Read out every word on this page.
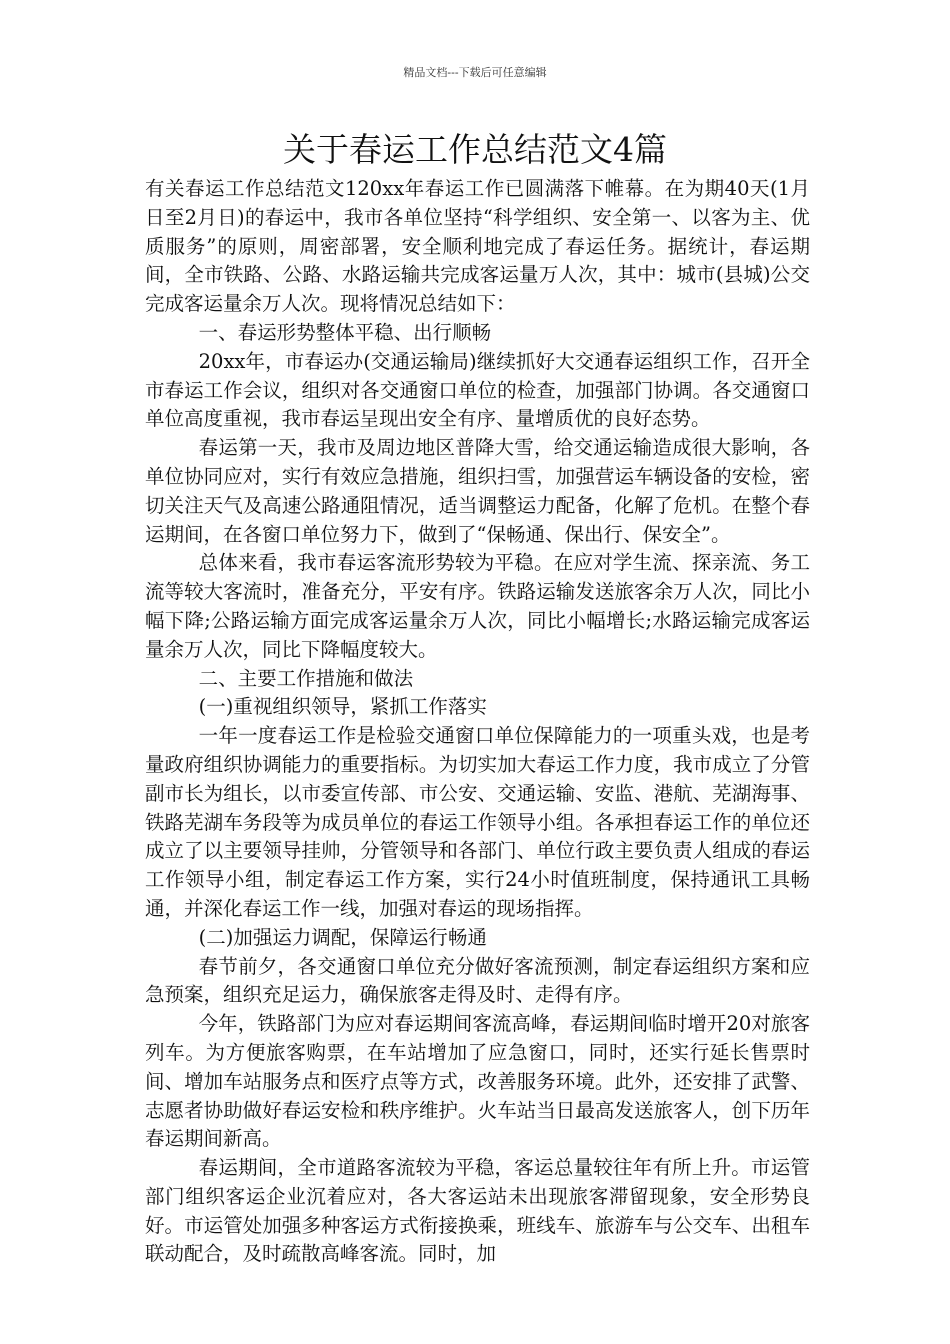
精品文档---下载后可任意编辑
关于春运工作总结范文4篇

有关春运工作总结范文120xx年春运工作已圆满落下帷幕。在为期40天(1月日至2月日)的春运中，我市各单位坚持“科学组织、安全第一、以客为主、优质服务”的原则，周密部署，安全顺利地完成了春运任务。据统计，春运期间，全市铁路、公路、水路运输共完成客运量万人次，其中：城市(县城)公交完成客运量余万人次。现将情况总结如下：

一、春运形势整体平稳、出行顺畅

20xx年，市春运办(交通运输局)继续抓好大交通春运组织工作，召开全市春运工作会议，组织对各交通窗口单位的检查，加强部门协调。各交通窗口单位高度重视，我市春运呈现出安全有序、量增质优的良好态势。

春运第一天，我市及周边地区普降大雪，给交通运输造成很大影响，各单位协同应对，实行有效应急措施，组织扫雪，加强营运车辆设备的安检，密切关注天气及高速公路通阻情况，适当调整运力配备，化解了危机。在整个春运期间，在各窗口单位努力下，做到了“保畅通、保出行、保安全”。

总体来看，我市春运客流形势较为平稳。在应对学生流、探亲流、务工流等较大客流时，准备充分，平安有序。铁路运输发送旅客余万人次，同比小幅下降;公路运输方面完成客运量余万人次，同比小幅增长;水路运输完成客运量余万人次，同比下降幅度较大。

二、主要工作措施和做法

(一)重视组织领导，紧抓工作落实

一年一度春运工作是检验交通窗口单位保障能力的一项重头戏，也是考量政府组织协调能力的重要指标。为切实加大春运工作力度，我市成立了分管副市长为组长，以市委宣传部、市公安、交通运输、安监、港航、芜湖海事、铁路芜湖车务段等为成员单位的春运工作领导小组。各承担春运工作的单位还成立了以主要领导挂帅，分管领导和各部门、单位行政主要负责人组成的春运工作领导小组，制定春运工作方案，实行24小时值班制度，保持通讯工具畅通，并深化春运工作一线，加强对春运的现场指挥。

(二)加强运力调配，保障运行畅通

春节前夕，各交通窗口单位充分做好客流预测，制定春运组织方案和应急预案，组织充足运力，确保旅客走得及时、走得有序。

今年，铁路部门为应对春运期间客流高峰，春运期间临时增开20对旅客列车。为方便旅客购票，在车站增加了应急窗口，同时，还实行延长售票时间、增加车站服务点和医疗点等方式，改善服务环境。此外，还安排了武警、志愿者协助做好春运安检和秩序维护。火车站当日最高发送旅客人，创下历年春运期间新高。

春运期间，全市道路客流较为平稳，客运总量较往年有所上升。市运管部门组织客运企业沉着应对，各大客运站未出现旅客滞留现象，安全形势良好。市运管处加强多种客运方式衔接换乘，班线车、旅游车与公交车、出租车联动配合，及时疏散高峰客流。同时，加
